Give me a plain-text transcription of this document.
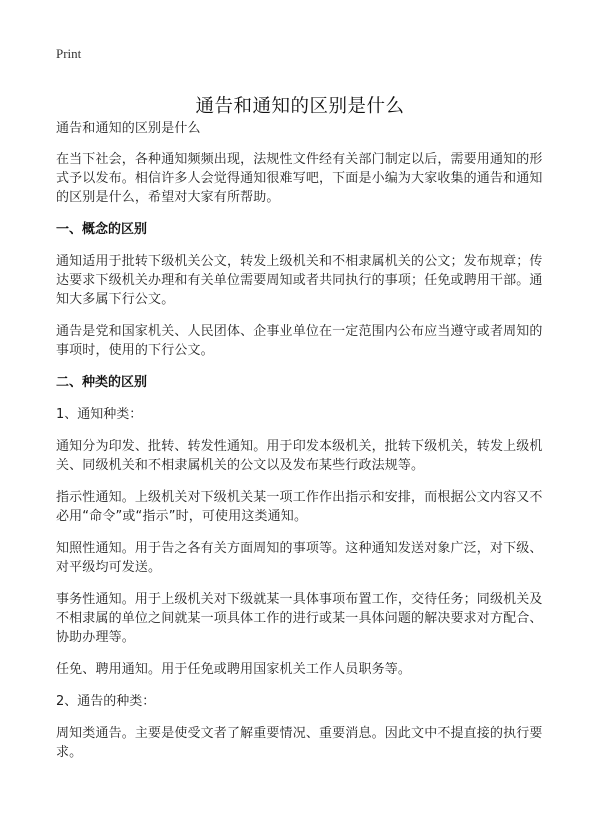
Print
通告和通知的区别是什么

通告和通知的区别是什么

在当下社会，各种通知频频出现，法规性文件经有关部门制定以后，需要用通知的形式予以发布。相信许多人会觉得通知很难写吧，下面是小编为大家收集的通告和通知的区别是什么，希望对大家有所帮助。

一、概念的区别

通知适用于批转下级机关公文，转发上级机关和不相隶属机关的公文；发布规章；传达要求下级机关办理和有关单位需要周知或者共同执行的事项；任免或聘用干部。通知大多属下行公文。

通告是党和国家机关、人民团体、企事业单位在一定范围内公布应当遵守或者周知的事项时，使用的下行公文。

二、种类的区别

1、通知种类：

通知分为印发、批转、转发性通知。用于印发本级机关，批转下级机关，转发上级机关、同级机关和不相隶属机关的公文以及发布某些行政法规等。

指示性通知。上级机关对下级机关某一项工作作出指示和安排，而根据公文内容又不必用“命令”或“指示”时，可使用这类通知。

知照性通知。用于告之各有关方面周知的事项等。这种通知发送对象广泛，对下级、对平级均可发送。

事务性通知。用于上级机关对下级就某一具体事项布置工作，交待任务；同级机关及不相隶属的单位之间就某一项具体工作的进行或某一具体问题的解决要求对方配合、协助办理等。

任免、聘用通知。用于任免或聘用国家机关工作人员职务等。

2、通告的种类：

周知类通告。主要是使受文者了解重要情况、重要消息。因此文中不提直接的执行要求。
